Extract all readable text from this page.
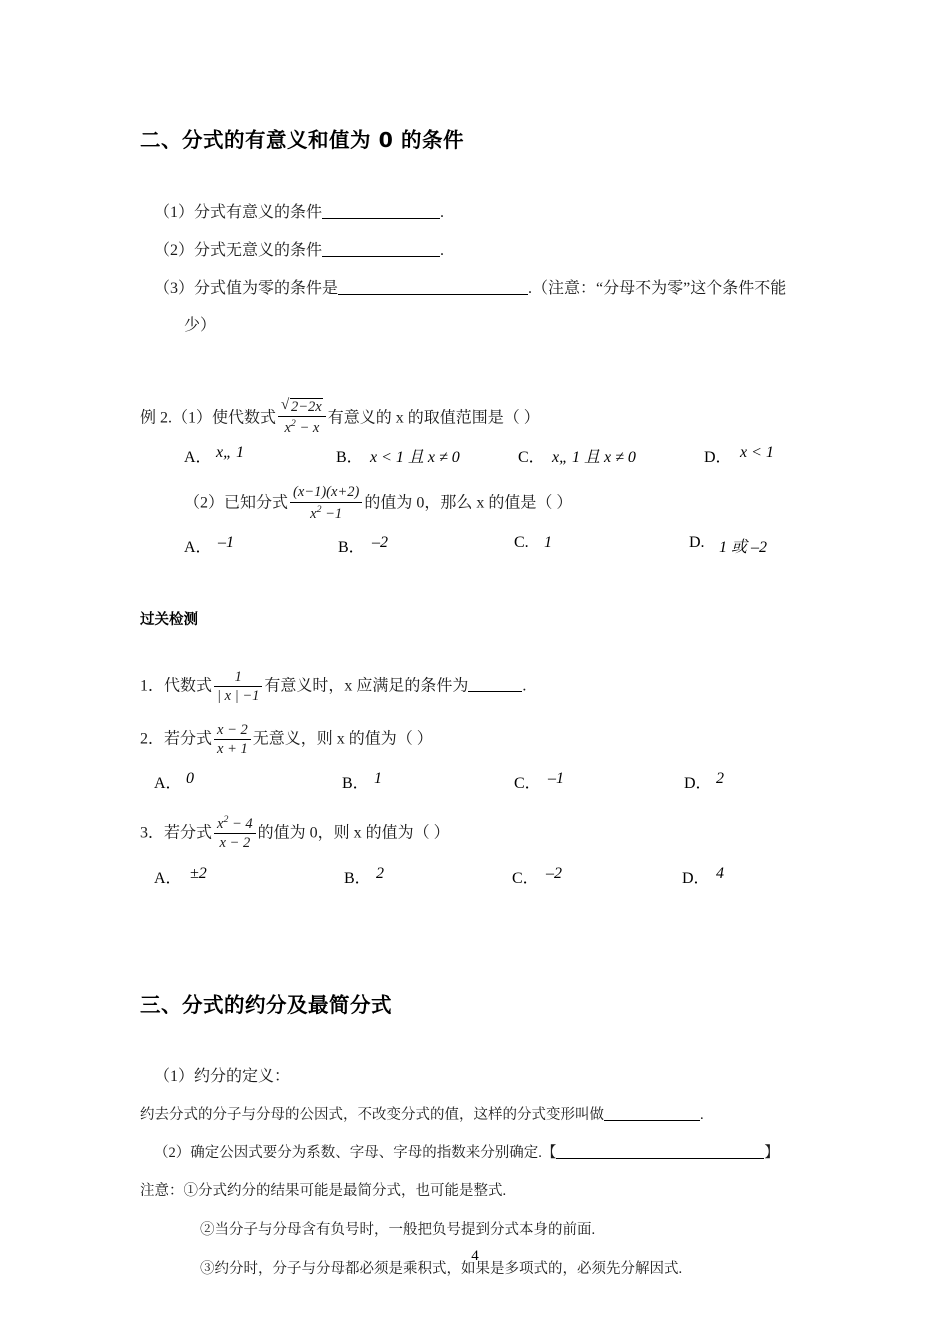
二、分式的有意义和值为 0 的条件
（1）分式有意义的条件	.
（2）分式无意义的条件	.
（3）分式值为零的条件是	.（注意：“分母不为零”这个条件不能
少）
例 2.（1）使代数式 √ $\frac{2-2x}{x^2 - x}$ 有意义的 x 的取值范围是（ ）
A． x„ 1	B． x < 1 且 x ≠ 0	C． x„ 1 且 x ≠ 0	D． x < 1
（2）已知分式 $\frac{(x-1)(x+2)}{x^2 -1}$ 的值为 0，那么 x 的值是（ ）
A． –1	B． –2	C. 1	D. 1 或 –2
过关检测
1．代数式 $\frac{1}{| x | -1}$ 有意义时，x 应满足的条件为	.
2．若分式 $\frac{x - 2}{x + 1}$ 无意义，则 x 的值为（ ）
A． 0	B． 1	C． –1	D． 2
3．若分式 $\frac{x^2 - 4}{x - 2}$ 的值为 0，则 x 的值为（ ）
A． ±2	B． 2	C． –2	D． 4
三、分式的约分及最简分式
（1）约分的定义：
约去分式的分子与分母的公因式，不改变分式的值，这样的分式变形叫做	.
（2）确定公因式要分为系数、字母、字母的指数来分别确定.【	】
注意：①分式约分的结果可能是最简分式，也可能是整式.
②当分子与分母含有负号时，一般把负号提到分式本身的前面.
③约分时，分子与分母都必须是乘积式，如果是多项式的，必须先分解因式.
4
